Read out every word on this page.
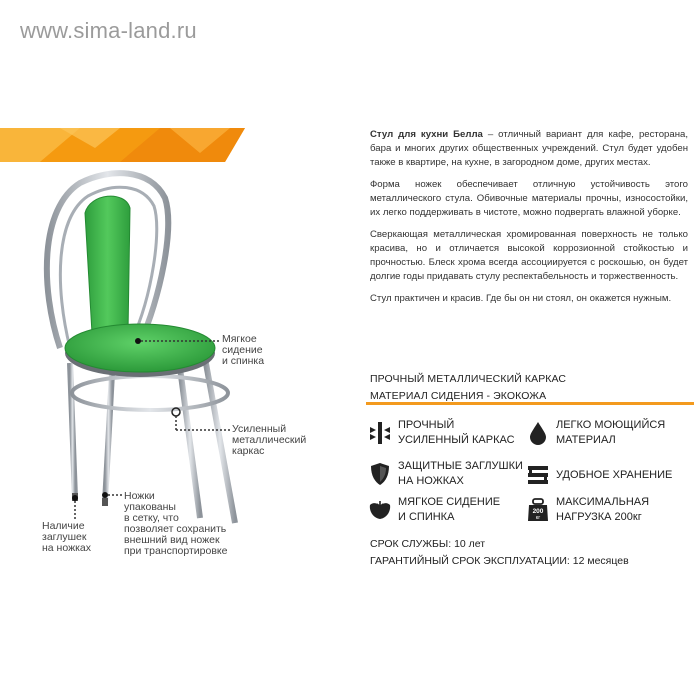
www.sima-land.ru
Мягкое
сидение
и спинка
Усиленный
металлический
каркас
Наличие
заглушек
на ножках
Ножки
упакованы
в сетку, что
позволяет сохранить
внешний вид ножек
при транспортировке

Стул для кухни Белла – отличный вариант для кафе, ресторана, бара и многих других общественных учреждений. Стул будет удобен также в квартире, на кухне, в загородном доме, других местах.

Форма ножек обеспечивает отличную устойчивость этого металлического стула. Обивочные материалы прочны, износостойки, их легко поддерживать в чистоте, можно подвергать влажной уборке.

Сверкающая металлическая хромированная поверхность не только красива, но и отличается высокой коррозионной стойкостью и прочностью. Блеск хрома всегда ассоциируется с роскошью, он будет долгие годы придавать стулу респектабельность и торжественность.

Стул практичен и красив. Где бы он ни стоял, он окажется нужным.

ПРОЧНЫЙ МЕТАЛЛИЧЕСКИЙ КАРКАС
МАТЕРИАЛ СИДЕНИЯ - ЭКОКОЖА
ПРОЧНЫЙ
УСИЛЕННЫЙ КАРКАС
ЛЕГКО МОЮЩИЙСЯ
МАТЕРИАЛ
ЗАЩИТНЫЕ ЗАГЛУШКИ
НА НОЖКАХ
УДОБНОЕ ХРАНЕНИЕ
МЯГКОЕ СИДЕНИЕ
И СПИНКА	200
кг
МАКСИМАЛЬНАЯ
НАГРУЗКА 200кг
СРОК СЛУЖБЫ: 10 лет
ГАРАНТИЙНЫЙ СРОК ЭКСПЛУАТАЦИИ: 12 месяцев
